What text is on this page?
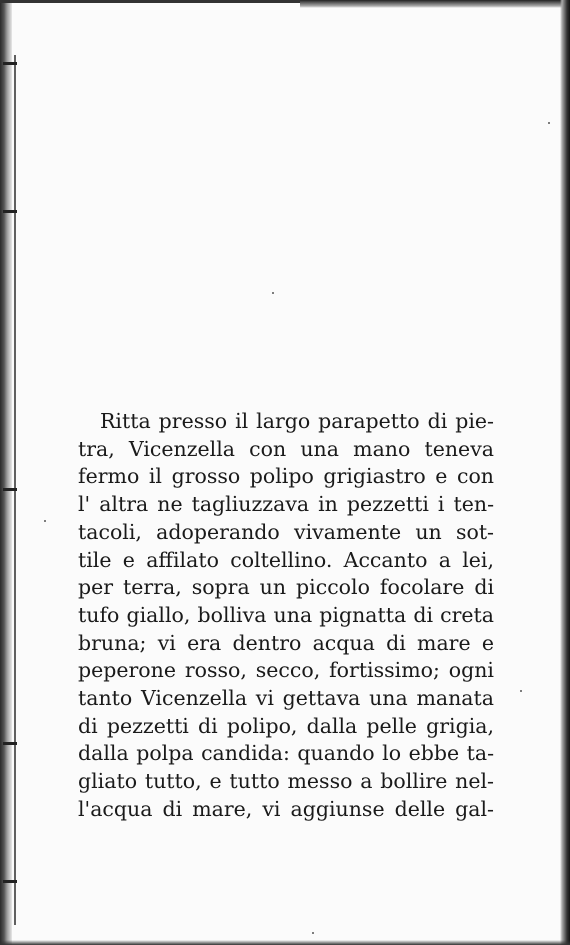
Ritta presso il largo parapetto di pie-
tra, Vicenzella con una mano teneva
fermo il grosso polipo grigiastro e con
l' altra ne tagliuzzava in pezzetti i ten-
tacoli, adoperando vivamente un sot-
tile e affilato coltellino. Accanto a lei,
per terra, sopra un piccolo focolare di
tufo giallo, bolliva una pignatta di creta
bruna; vi era dentro acqua di mare e
peperone rosso, secco, fortissimo; ogni
tanto Vicenzella vi gettava una manata
di pezzetti di polipo, dalla pelle grigia,
dalla polpa candida: quando lo ebbe ta-
gliato tutto, e tutto messo a bollire nel-
l'acqua di mare, vi aggiunse delle gal-
